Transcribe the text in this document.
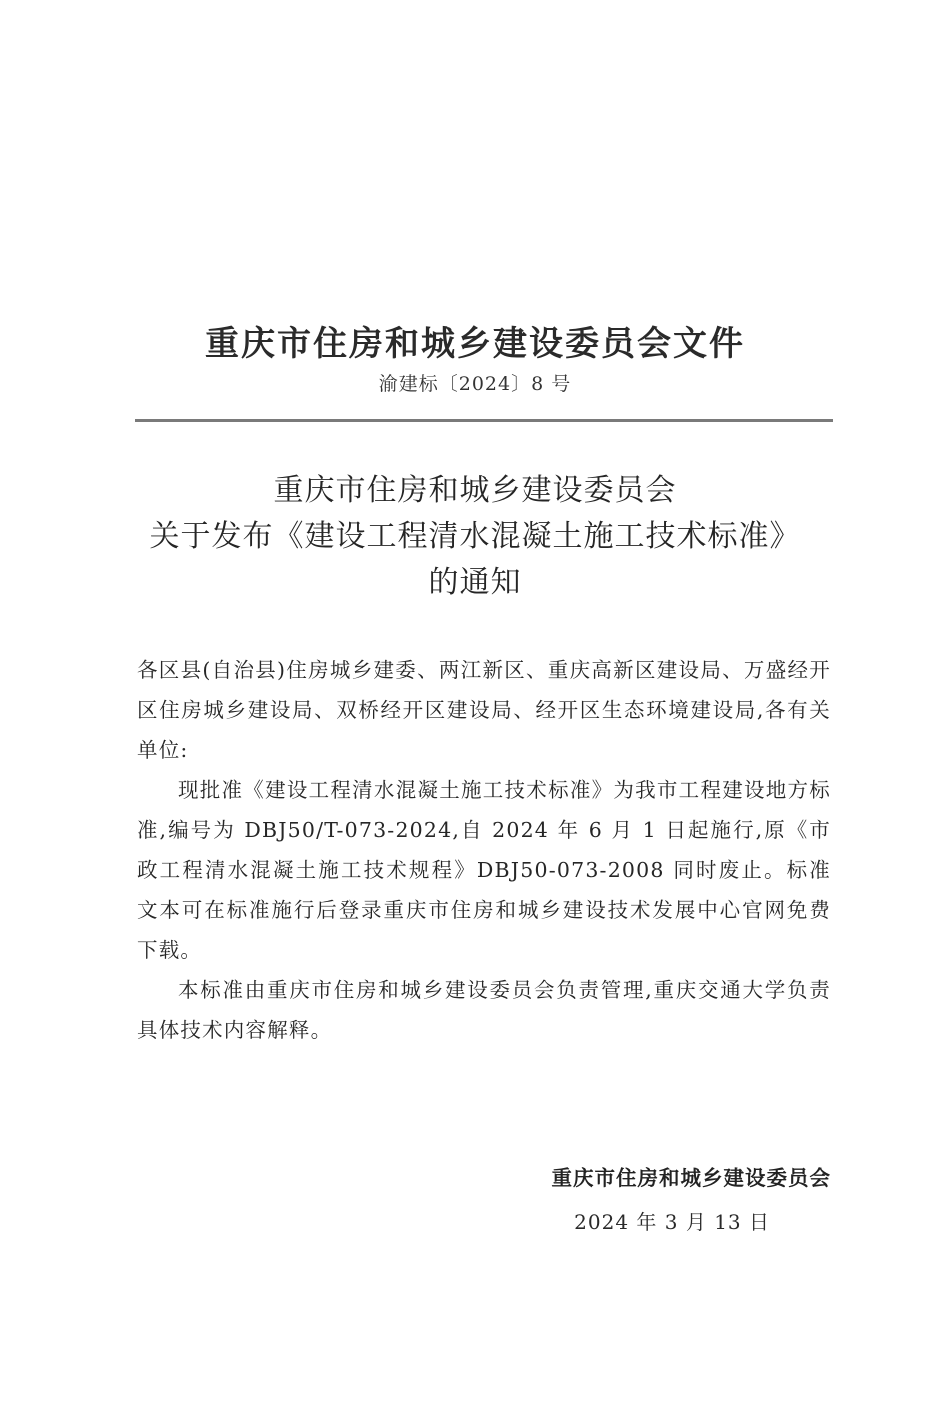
重庆市住房和城乡建设委员会文件
渝建标〔2024〕8 号
重庆市住房和城乡建设委员会
关于发布《建设工程清水混凝土施工技术标准》
的通知

各区县(自治县)住房城乡建委、两江新区、重庆高新区建设局、万盛经开区住房城乡建设局、双桥经开区建设局、经开区生态环境建设局,各有关单位:

现批准《建设工程清水混凝土施工技术标准》为我市工程建设地方标准,编号为 DBJ50/T-073-2024,自 2024 年 6 月 1 日起施行,原《市政工程清水混凝土施工技术规程》DBJ50-073-2008 同时废止。标准文本可在标准施行后登录重庆市住房和城乡建设技术发展中心官网免费下载。

本标准由重庆市住房和城乡建设委员会负责管理,重庆交通大学负责具体技术内容解释。

重庆市住房和城乡建设委员会
2024 年 3 月 13 日
